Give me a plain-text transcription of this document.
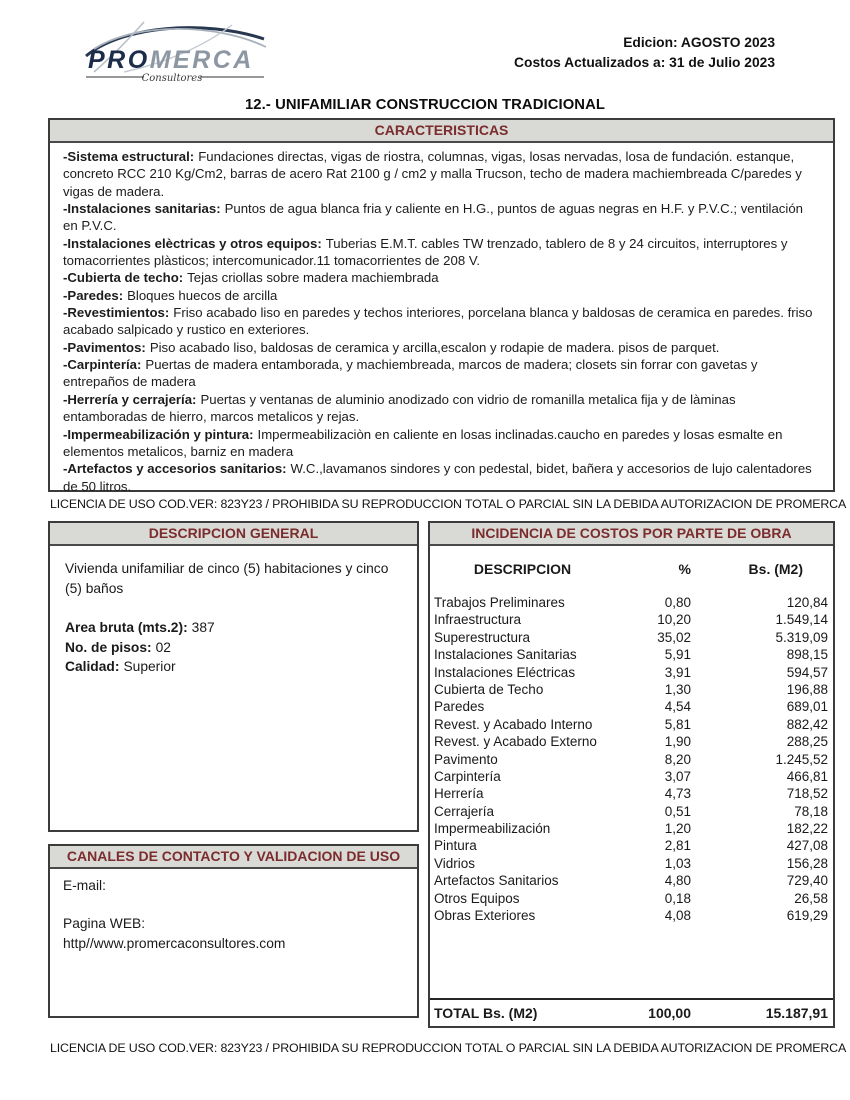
PROMERCA
Consultores
Edicion: AGOSTO 2023
Costos Actualizados a: 31 de Julio 2023
12.- UNIFAMILIAR CONSTRUCCION TRADICIONAL
CARACTERISTICAS

-Sistema estructural: Fundaciones directas, vigas de riostra, columnas, vigas, losas nervadas, losa de fundación. estanque, concreto RCC 210 Kg/Cm2, barras de acero Rat 2100 g / cm2 y malla Trucson, techo de madera machiembreada C/paredes y vigas de madera.

-Instalaciones sanitarias: Puntos de agua blanca fria y caliente en H.G., puntos de aguas negras en H.F. y P.V.C.; ventilación en P.V.C.

-Instalaciones elèctricas y otros equipos: Tuberias E.M.T. cables TW trenzado, tablero de 8 y 24 circuitos, interruptores y tomacorrientes plàsticos; intercomunicador.11 tomacorrientes de 208 V.

-Cubierta de techo: Tejas criollas sobre madera machiembrada

-Paredes: Bloques huecos de arcilla

-Revestimientos: Friso acabado liso en paredes y techos interiores, porcelana blanca y baldosas de ceramica en paredes. friso acabado salpicado y rustico en exteriores.

-Pavimentos: Piso acabado liso, baldosas de ceramica y arcilla,escalon y rodapie de madera. pisos de parquet.

-Carpintería: Puertas de madera entamborada, y machiembreada, marcos de madera; closets sin forrar con gavetas y entrepaños de madera

-Herrería y cerrajería: Puertas y ventanas de aluminio anodizado con vidrio de romanilla metalica fija y de làminas entamboradas de hierro, marcos metalicos y rejas.

-Impermeabilización y pintura: Impermeabilizaciòn en caliente en losas inclinadas.caucho en paredes y losas esmalte en elementos metalicos, barniz en madera

-Artefactos y accesorios sanitarios: W.C.,lavamanos sindores y con pedestal, bidet, bañera y accesorios de lujo calentadores de 50 litros.

LICENCIA DE USO COD.VER: 823Y23 / PROHIBIDA SU REPRODUCCION TOTAL O PARCIAL SIN LA DEBIDA AUTORIZACION DE PROMERCA
DESCRIPCION GENERAL

Vivienda unifamiliar de cinco (5) habitaciones y cinco (5) baños

Area bruta (mts.2): 387

No. de pisos: 02

Calidad: Superior

INCIDENCIA DE COSTOS POR PARTE DE OBRA
DESCRIPCION	%	Bs. (M2)
Trabajos Preliminares	0,80	120,84
Infraestructura	10,20	1.549,14
Superestructura	35,02	5.319,09
Instalaciones Sanitarias	5,91	898,15
Instalaciones Eléctricas	3,91	594,57
Cubierta de Techo	1,30	196,88
Paredes	4,54	689,01
Revest. y Acabado Interno	5,81	882,42
Revest. y Acabado Externo	1,90	288,25
Pavimento	8,20	1.245,52
Carpintería	3,07	466,81
Herrería	4,73	718,52
Cerrajería	0,51	78,18
Impermeabilización	1,20	182,22
Pintura	2,81	427,08
Vidrios	1,03	156,28
Artefactos Sanitarios	4,80	729,40
Otros Equipos	0,18	26,58
Obras Exteriores	4,08	619,29
TOTAL Bs. (M2)	100,00	15.187,91
CANALES DE CONTACTO Y VALIDACION DE USO

E-mail:

Pagina WEB:

http//www.promercaconsultores.com

LICENCIA DE USO COD.VER: 823Y23 / PROHIBIDA SU REPRODUCCION TOTAL O PARCIAL SIN LA DEBIDA AUTORIZACION DE PROMERCA
